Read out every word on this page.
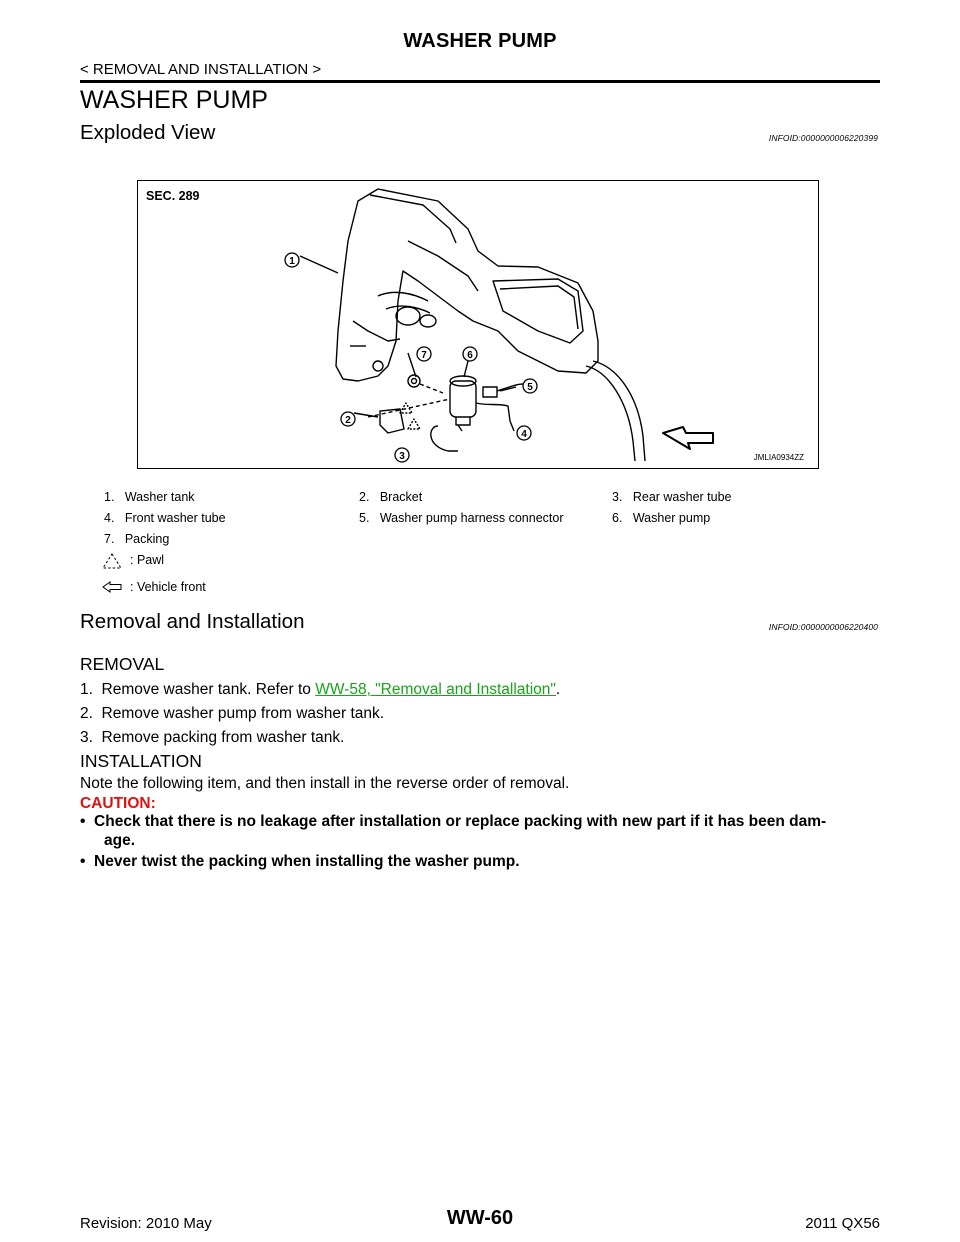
WASHER PUMP
< REMOVAL AND INSTALLATION >
WASHER PUMP
Exploded View	INFOID:0000000006220399
1
2
3
4
5
6
7
SEC. 289
JMLIA0934ZZ
1.   Washer tank	2.   Bracket	3.   Rear washer tube
4.   Front washer tube	5.   Washer pump harness connector	6.   Washer pump
7.   Packing
: Pawl
: Vehicle front
Removal and Installation	INFOID:0000000006220400
REMOVAL
1.  Remove washer tank. Refer to WW-58, "Removal and Installation".
2.  Remove washer pump from washer tank.
3.  Remove packing from washer tank.
INSTALLATION
Note the following item, and then install in the reverse order of removal.
CAUTION:
•  Check that there is no leakage after installation or replace packing with new part if it has been dam-
age.
•  Never twist the packing when installing the washer pump.
Revision: 2010 May	WW-60	2011 QX56
